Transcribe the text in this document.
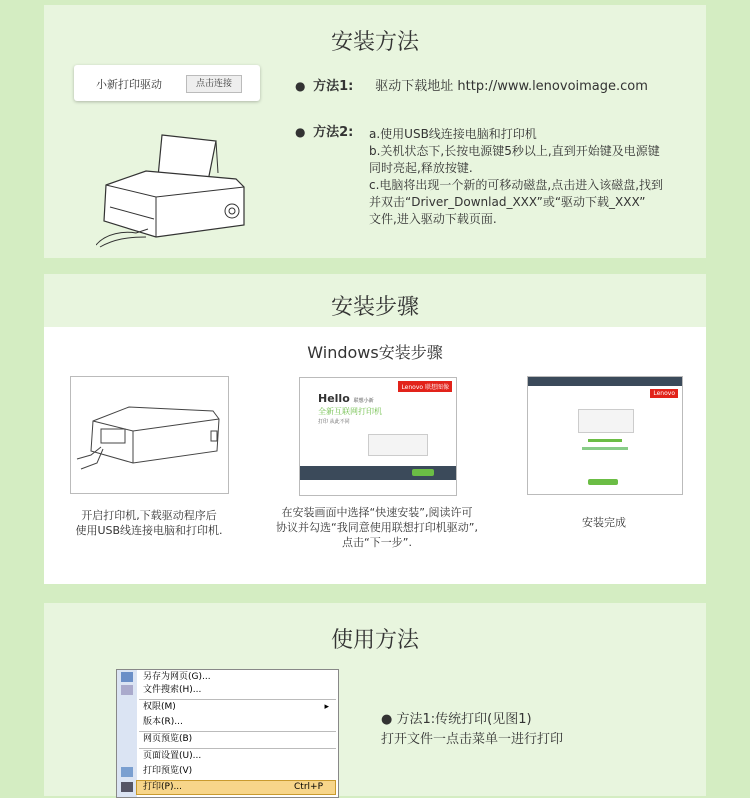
安装方法
小新打印驱动	点击连接	● 方法1: 驱动下载地址 http://www.lenovoimage.com
● 方法2:	a.使用USB线连接电脑和打印机
b.关机状态下,长按电源键5秒以上,直到开始键及电源键
同时亮起,释放按键.
c.电脑将出现一个新的可移动磁盘,点击进入该磁盘,找到
并双击“Driver_Downlad_XXX”或“驱动下载_XXX”
文件,进入驱动下载页面.
安装步骤
Windows安装步骤
Lenovo 联想图像
Hello 联想小新
全新互联网打印机
打印 从此不同
Lenovo
开启打印机,下载驱动程序后
使用USB线连接电脑和打印机.
在安装画面中选择“快速安装”,阅读许可
协议并勾选“我同意使用联想打印机驱动”,
点击“下一步”.
安装完成
使用方法
另存为网页(G)...
文件搜索(H)...
权限(M)	▸
版本(R)...
网页预览(B)
页面设置(U)...
打印预览(V)
打印(P)...	Ctrl+P
● 方法1:传统打印(见图1)
打开文件一点击菜单一进行打印
